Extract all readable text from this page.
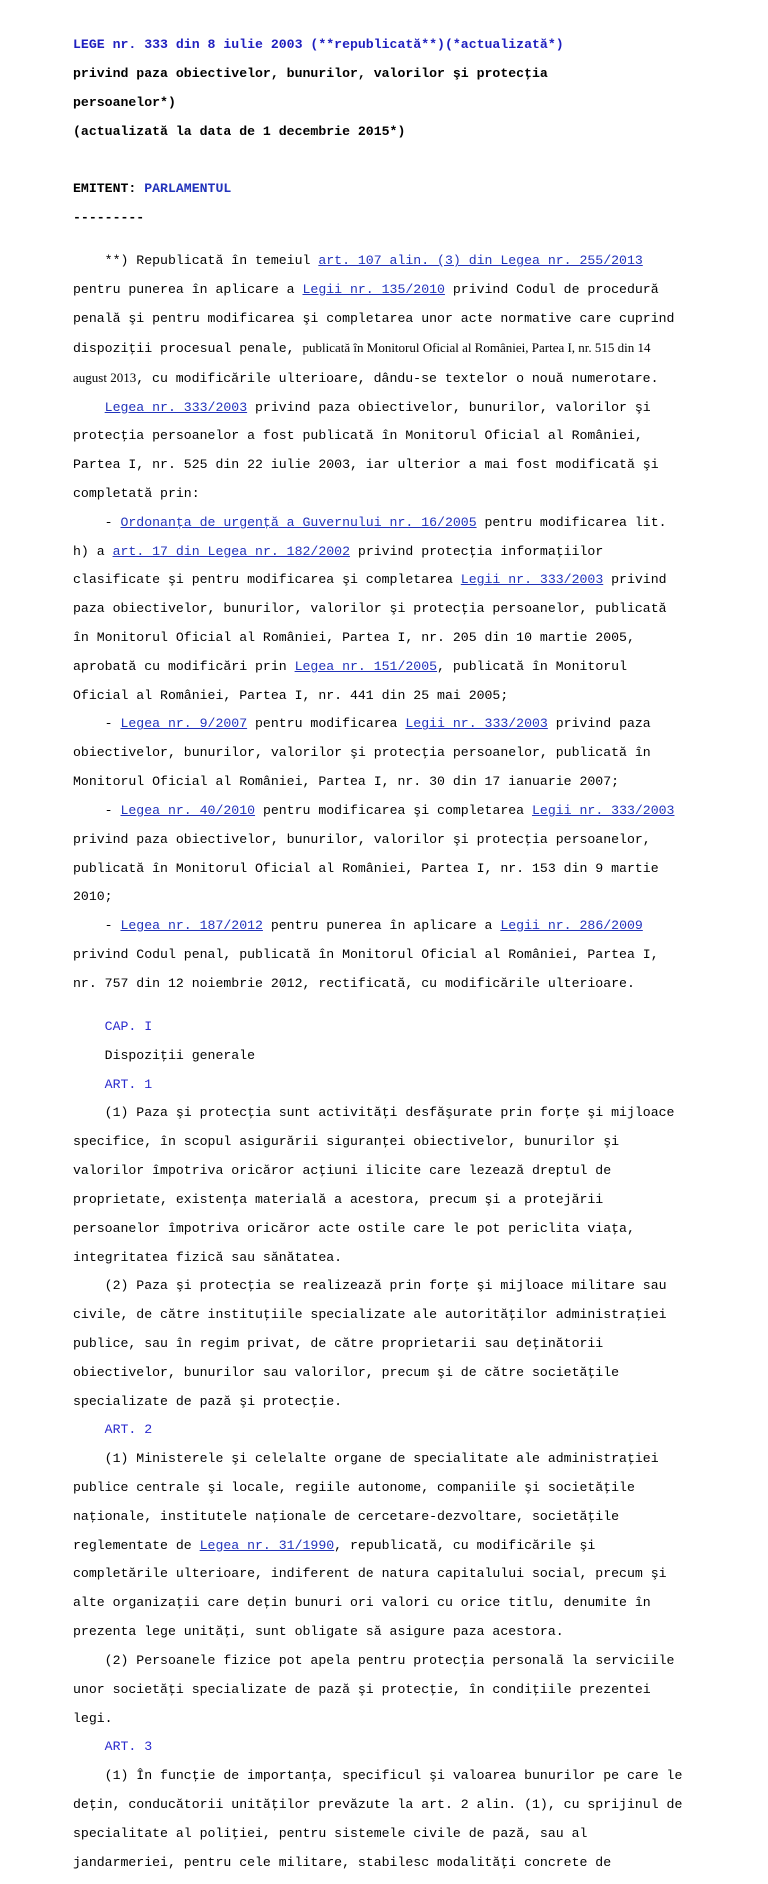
LEGE nr. 333 din 8 iulie 2003 (**republicată**)(*actualizată*)

privind paza obiectivelor, bunurilor, valorilor şi protecţia

persoanelor*)

(actualizată la data de 1 decembrie 2015*)

EMITENT: PARLAMENTUL

---------

**) Republicată în temeiul art. 107 alin. (3) din Legea nr. 255/2013

pentru punerea în aplicare a Legii nr. 135/2010 privind Codul de procedură

penală şi pentru modificarea şi completarea unor acte normative care cuprind

dispoziţii procesual penale, publicată în Monitorul Oficial al României, Partea I, nr. 515 din 14

august 2013, cu modificările ulterioare, dându-se textelor o nouă numerotare.

Legea nr. 333/2003 privind paza obiectivelor, bunurilor, valorilor şi

protecţia persoanelor a fost publicată în Monitorul Oficial al României,

Partea I, nr. 525 din 22 iulie 2003, iar ulterior a mai fost modificată şi

completată prin:

- Ordonanţa de urgenţă a Guvernului nr. 16/2005 pentru modificarea lit.

h) a art. 17 din Legea nr. 182/2002 privind protecţia informaţiilor

clasificate şi pentru modificarea şi completarea Legii nr. 333/2003 privind

paza obiectivelor, bunurilor, valorilor şi protecţia persoanelor, publicată

în Monitorul Oficial al României, Partea I, nr. 205 din 10 martie 2005,

aprobată cu modificări prin Legea nr. 151/2005, publicată în Monitorul

Oficial al României, Partea I, nr. 441 din 25 mai 2005;

- Legea nr. 9/2007 pentru modificarea Legii nr. 333/2003 privind paza

obiectivelor, bunurilor, valorilor şi protecţia persoanelor, publicată în

Monitorul Oficial al României, Partea I, nr. 30 din 17 ianuarie 2007;

- Legea nr. 40/2010 pentru modificarea şi completarea Legii nr. 333/2003

privind paza obiectivelor, bunurilor, valorilor şi protecţia persoanelor,

publicată în Monitorul Oficial al României, Partea I, nr. 153 din 9 martie

2010;

- Legea nr. 187/2012 pentru punerea în aplicare a Legii nr. 286/2009

privind Codul penal, publicată în Monitorul Oficial al României, Partea I,

nr. 757 din 12 noiembrie 2012, rectificată, cu modificările ulterioare.

CAP. I

Dispoziţii generale

ART. 1

(1) Paza şi protecţia sunt activităţi desfăşurate prin forţe şi mijloace

specifice, în scopul asigurării siguranţei obiectivelor, bunurilor şi

valorilor împotriva oricăror acţiuni ilicite care lezează dreptul de

proprietate, existenţa materială a acestora, precum şi a protejării

persoanelor împotriva oricăror acte ostile care le pot periclita viaţa,

integritatea fizică sau sănătatea.

(2) Paza şi protecţia se realizează prin forţe şi mijloace militare sau

civile, de către instituţiile specializate ale autorităţilor administraţiei

publice, sau în regim privat, de către proprietarii sau deţinătorii

obiectivelor, bunurilor sau valorilor, precum şi de către societăţile

specializate de pază şi protecţie.

ART. 2

(1) Ministerele şi celelalte organe de specialitate ale administraţiei

publice centrale şi locale, regiile autonome, companiile şi societăţile

naţionale, institutele naţionale de cercetare-dezvoltare, societăţile

reglementate de Legea nr. 31/1990, republicată, cu modificările şi

completările ulterioare, indiferent de natura capitalului social, precum şi

alte organizaţii care deţin bunuri ori valori cu orice titlu, denumite în

prezenta lege unităţi, sunt obligate să asigure paza acestora.

(2) Persoanele fizice pot apela pentru protecţia personală la serviciile

unor societăţi specializate de pază şi protecţie, în condiţiile prezentei

legi.

ART. 3

(1) În funcţie de importanţa, specificul şi valoarea bunurilor pe care le

deţin, conducătorii unităţilor prevăzute la art. 2 alin. (1), cu sprijinul de

specialitate al poliţiei, pentru sistemele civile de pază, sau al

jandarmeriei, pentru cele militare, stabilesc modalităţi concrete de
